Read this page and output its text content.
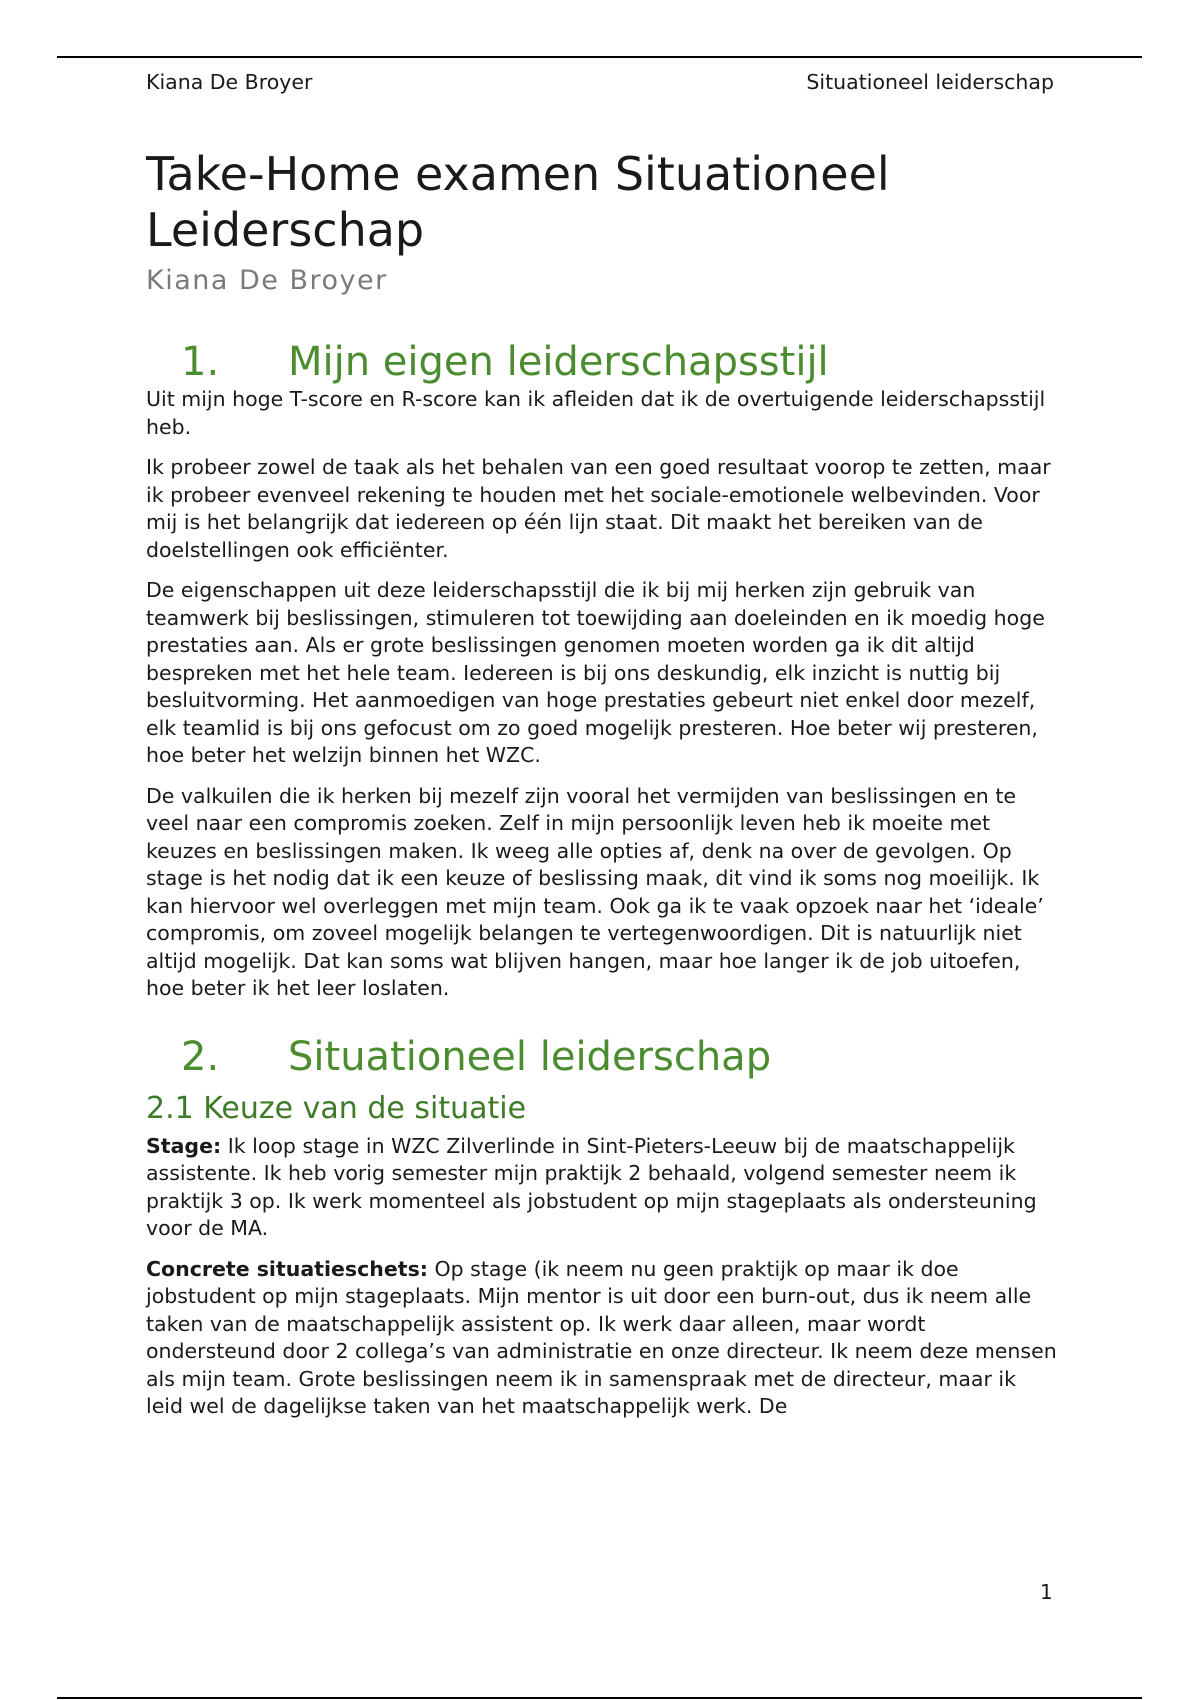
Kiana De Broyer	Situationeel leiderschap
Take-Home examen Situationeel Leiderschap
Kiana De Broyer
1. Mijn eigen leiderschapsstijl

Uit mijn hoge T-score en R-score kan ik afleiden dat ik de overtuigende leiderschapsstijl heb.

Ik probeer zowel de taak als het behalen van een goed resultaat voorop te zetten, maar ik probeer evenveel rekening te houden met het sociale-emotionele welbevinden. Voor mij is het belangrijk dat iedereen op één lijn staat. Dit maakt het bereiken van de doelstellingen ook efficiënter.

De eigenschappen uit deze leiderschapsstijl die ik bij mij herken zijn gebruik van teamwerk bij beslissingen, stimuleren tot toewijding aan doeleinden en ik moedig hoge prestaties aan. Als er grote beslissingen genomen moeten worden ga ik dit altijd bespreken met het hele team. Iedereen is bij ons deskundig, elk inzicht is nuttig bij besluitvorming. Het aanmoedigen van hoge prestaties gebeurt niet enkel door mezelf, elk teamlid is bij ons gefocust om zo goed mogelijk presteren. Hoe beter wij presteren, hoe beter het welzijn binnen het WZC.

De valkuilen die ik herken bij mezelf zijn vooral het vermijden van beslissingen en te veel naar een compromis zoeken. Zelf in mijn persoonlijk leven heb ik moeite met keuzes en beslissingen maken. Ik weeg alle opties af, denk na over de gevolgen. Op stage is het nodig dat ik een keuze of beslissing maak, dit vind ik soms nog moeilijk. Ik kan hiervoor wel overleggen met mijn team. Ook ga ik te vaak opzoek naar het ‘ideale’ compromis, om zoveel mogelijk belangen te vertegenwoordigen. Dit is natuurlijk niet altijd mogelijk. Dat kan soms wat blijven hangen, maar hoe langer ik de job uitoefen, hoe beter ik het leer loslaten.

2. Situationeel leiderschap
2.1 Keuze van de situatie

Stage: Ik loop stage in WZC Zilverlinde in Sint-Pieters-Leeuw bij de maatschappelijk assistente. Ik heb vorig semester mijn praktijk 2 behaald, volgend semester neem ik praktijk 3 op. Ik werk momenteel als jobstudent op mijn stageplaats als ondersteuning voor de MA.

Concrete situatieschets: Op stage (ik neem nu geen praktijk op maar ik doe jobstudent op mijn stageplaats. Mijn mentor is uit door een burn-out, dus ik neem alle taken van de maatschappelijk assistent op. Ik werk daar alleen, maar wordt ondersteund door 2 collega’s van administratie en onze directeur. Ik neem deze mensen als mijn team. Grote beslissingen neem ik in samenspraak met de directeur, maar ik leid wel de dagelijkse taken van het maatschappelijk werk. De

1
